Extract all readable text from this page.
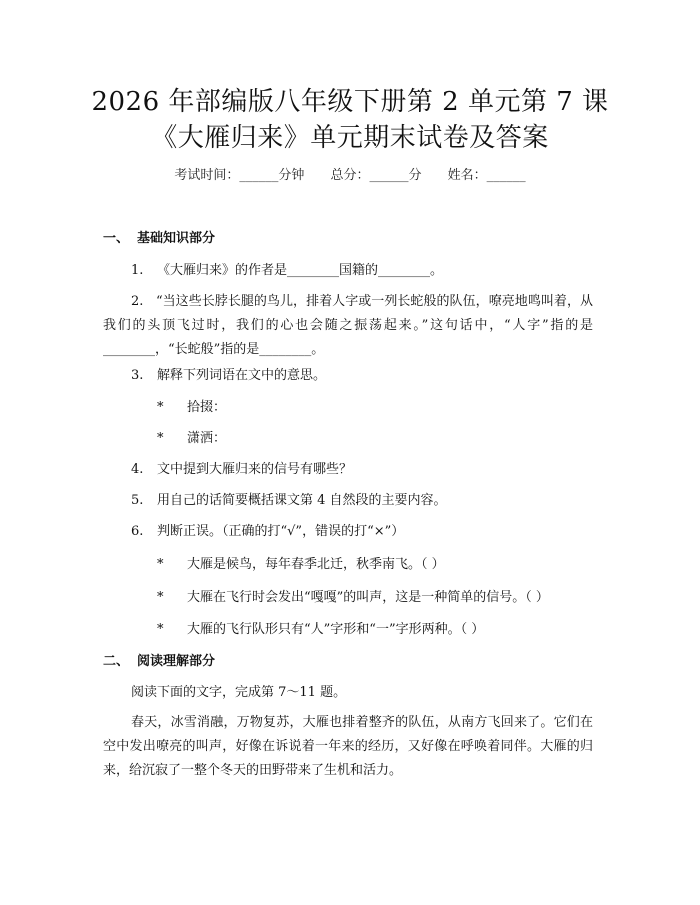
2026 年部编版八年级下册第 2 单元第 7 课
《大雁归来》单元期末试卷及答案
考试时间：______分钟 总分：______分 姓名：______
一、 基础知识部分
1. 《大雁归来》的作者是________国籍的________。
2. “当这些长脖长腿的鸟儿，排着人字或一列长蛇般的队伍，嘹亮地鸣叫着，从我们的头顶飞过时，我们的心也会随之振荡起来。”这句话中，“人字”指的是________，“长蛇般”指的是________。
3. 解释下列词语在文中的意思。
* 拾掇：
* 潇洒：
4. 文中提到大雁归来的信号有哪些？
5. 用自己的话简要概括课文第 4 自然段的主要内容。
6. 判断正误。（正确的打“√”，错误的打“×”）
* 大雁是候鸟，每年春季北迁，秋季南飞。（ ）
* 大雁在飞行时会发出“嘎嘎”的叫声，这是一种简单的信号。（ ）
* 大雁的飞行队形只有“人”字形和“一”字形两种。（ ）
二、 阅读理解部分
阅读下面的文字，完成第 7～11 题。
春天，冰雪消融，万物复苏，大雁也排着整齐的队伍，从南方飞回来了。它们在空中发出嘹亮的叫声，好像在诉说着一年来的经历，又好像在呼唤着同伴。大雁的归来，给沉寂了一整个冬天的田野带来了生机和活力。
